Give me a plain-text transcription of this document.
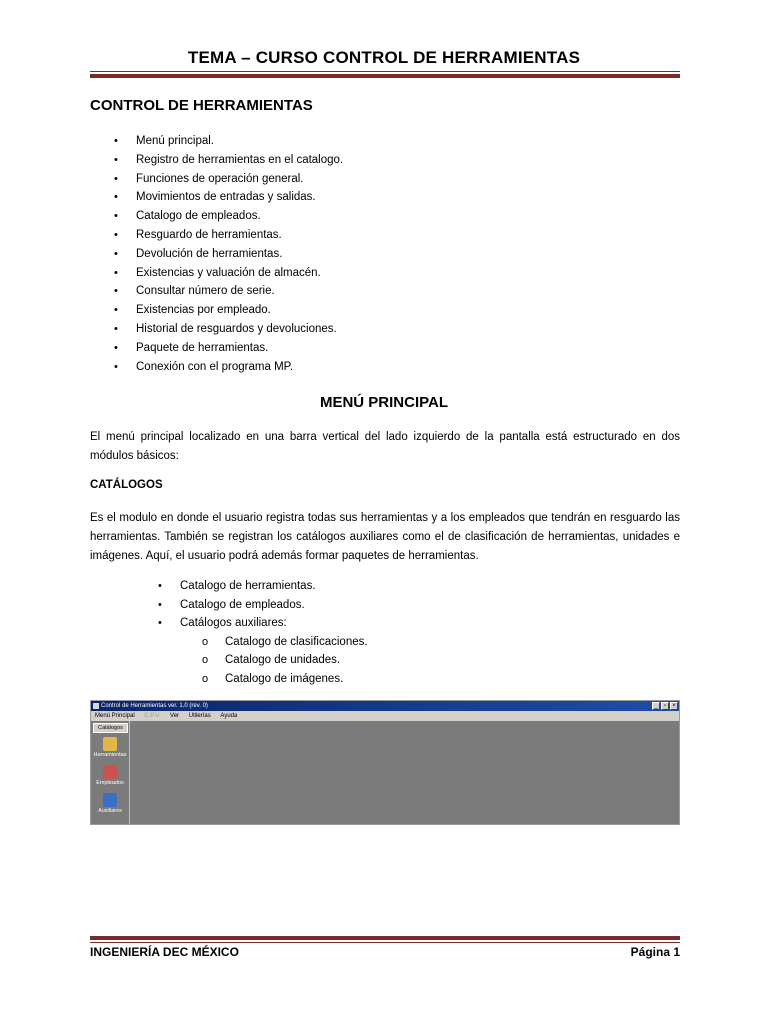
TEMA – CURSO CONTROL DE HERRAMIENTAS
CONTROL DE HERRAMIENTAS
• Menú principal.
• Registro de herramientas en el catalogo.
• Funciones de operación general.
• Movimientos de entradas y salidas.
• Catalogo de empleados.
• Resguardo de herramientas.
• Devolución de herramientas.
• Existencias y valuación de almacén.
• Consultar número de serie.
• Existencias por empleado.
• Historial de resguardos y devoluciones.
• Paquete de herramientas.
• Conexión con el programa MP.
MENÚ PRINCIPAL
El menú principal localizado en una barra vertical del lado izquierdo de la pantalla está estructurado en dos módulos básicos:
CATÁLOGOS
Es el modulo en donde el usuario registra todas sus herramientas y a los empleados que tendrán en resguardo las herramientas. También se registran los catálogos auxiliares como el de clasificación de herramientas, unidades e imágenes. Aquí, el usuario podrá además formar paquetes de herramientas.
• Catalogo de herramientas.
• Catalogo de empleados.
• Catálogos auxiliares:
o Catalogo de clasificaciones.
o Catalogo de unidades.
o Catalogo de imágenes.
Control de Herramientas ver. 1.0 (rev. 0)	_	▫	×
Menú Principal C.P.V. Ver Utilerías Ayuda
Catálogos
Herramientas
Empleados
Auxiliares
INGENIERÍA DEC MÉXICO	Página 1
